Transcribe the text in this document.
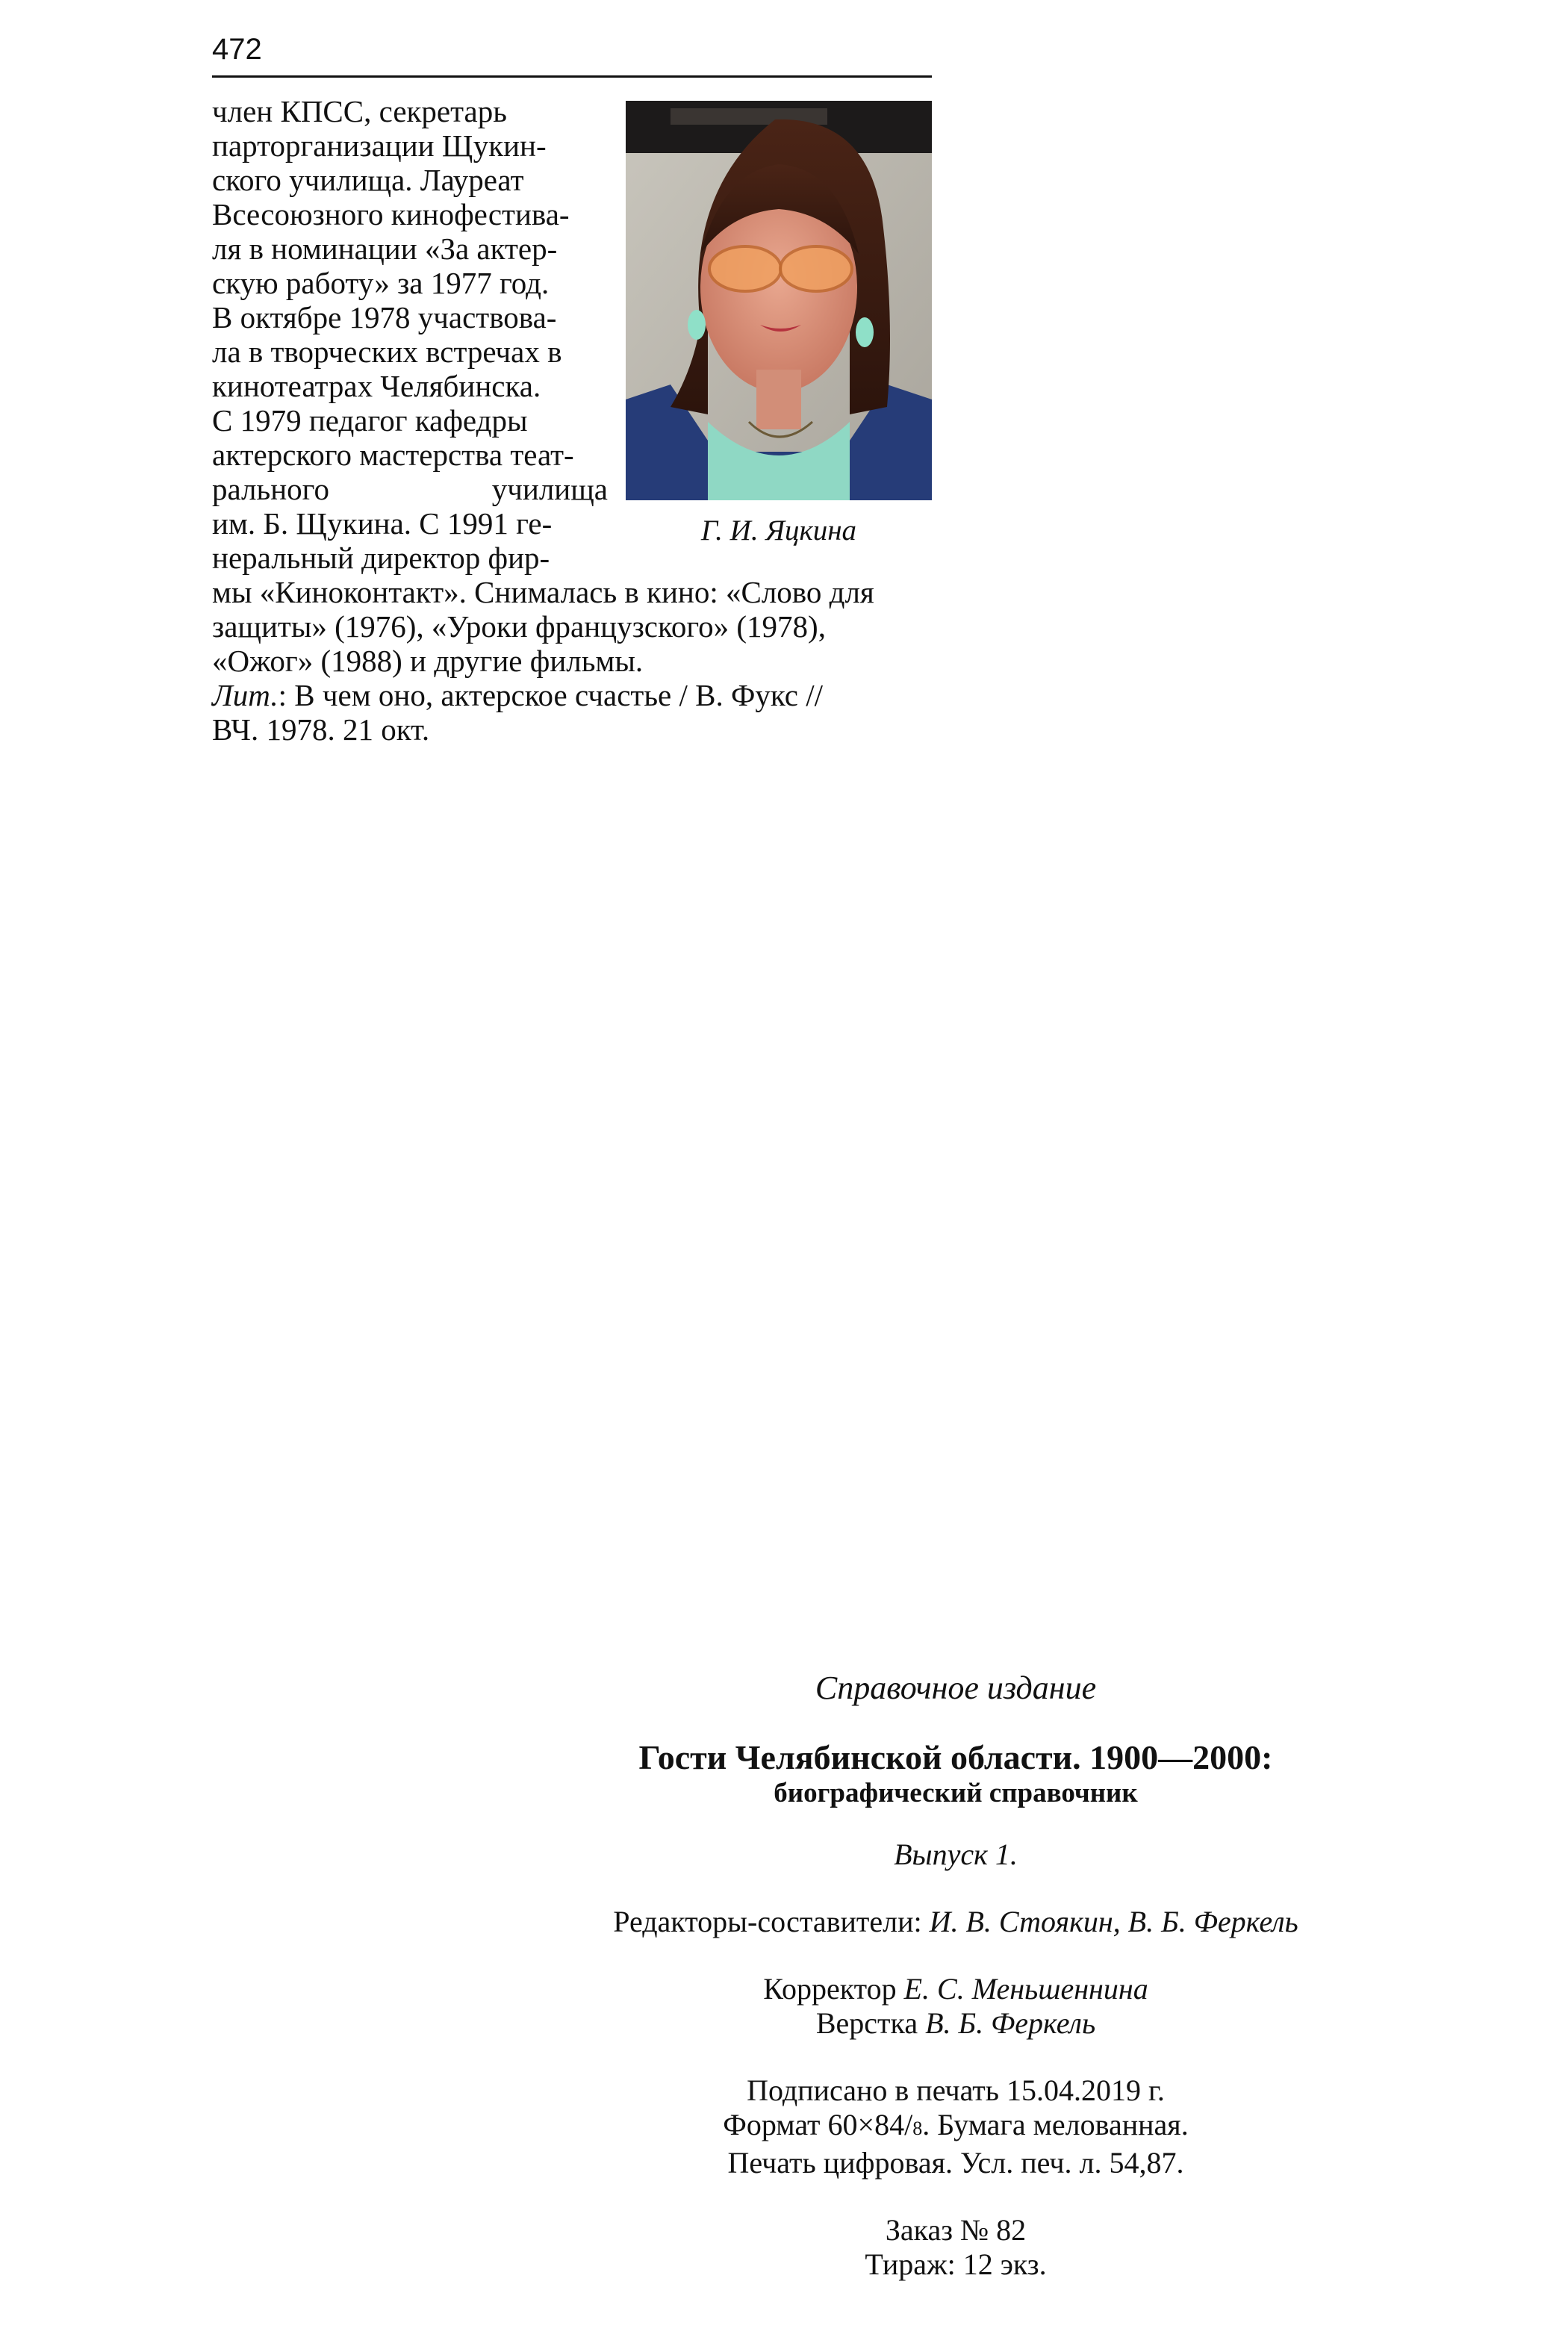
472
член КПСС, секретарь
парторганизации Щукин-
ского училища. Лауреат
Всесоюзного кинофестива-
ля в номинации «За актер-
скую работу» за 1977 год.
В октябре 1978 участвова-
ла в творческих встречах в
кинотеатрах Челябинска.
С 1979 педагог кафедры
актерского мастерства теат-
рального училища
им. Б. Щукина. С 1991 ге-
неральный директор фир-
мы «Киноконтакт». Снималась в кино: «Слово для
защиты» (1976), «Уроки французского» (1978),
«Ожог» (1988) и другие фильмы.
Лит.: В чем оно, актерское счастье / В. Фукс //
ВЧ. 1978. 21 окт.
Г. И. Яцкина
Справочное издание
Гости Челябинской области. 1900—2000:
биографический справочник
Выпуск 1.
Редакторы-составители: И. В. Стоякин, В. Б. Феркель
Корректор Е. С. Меньшеннина
Верстка В. Б. Феркель
Подписано в печать 15.04.2019 г.
Формат 60×84/8. Бумага мелованная.
Печать цифровая. Усл. печ. л. 54,87.
Заказ № 82
Тираж: 12 экз.
